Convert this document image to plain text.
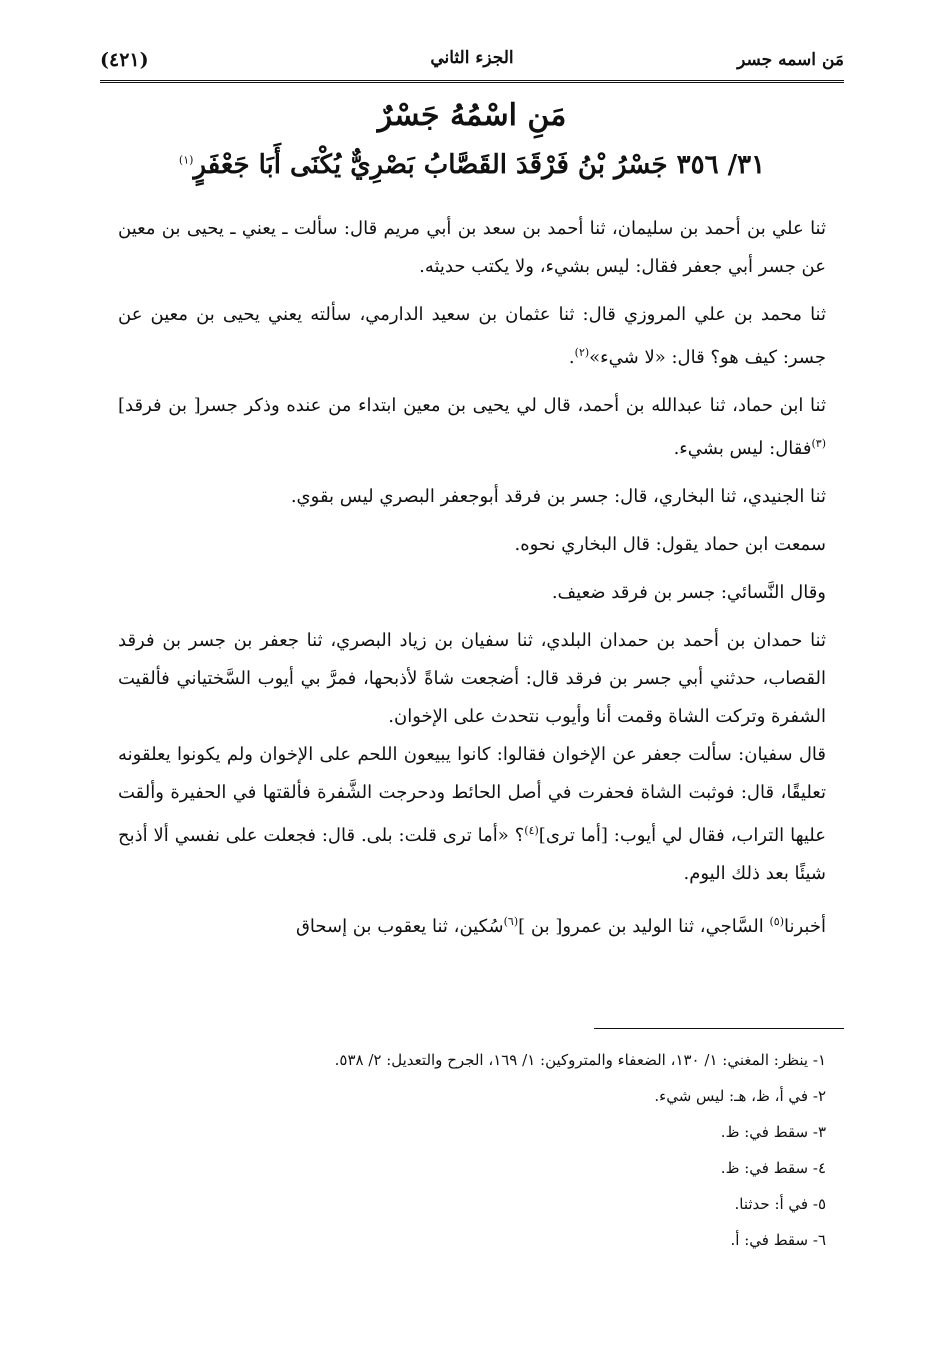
مَن اسمه جسر
الجزء الثاني
(٤٢١)
مَنِ اسْمُهُ جَسْرٌ
٣١/ ٣٥٦ جَسْرُ بْنُ فَرْقَدَ القَصَّابُ بَصْرِيٌّ يُكْنَى أَبَا جَعْفَرٍ$^{(١)}$

ثنا علي بن أحمد بن سليمان، ثنا أحمد بن سعد بن أبي مريم قال: سألت ـ يعني ـ يحيى بن معين عن جسر أبي جعفر فقال: ليس بشيء، ولا يكتب حديثه.

ثنا محمد بن علي المروزي قال: ثنا عثمان بن سعيد الدارمي، سألته يعني يحيى بن معين عن جسر: كيف هو؟ قال: «لا شيء»$^{(٢)}$.

ثنا ابن حماد، ثنا عبدالله بن أحمد، قال لي يحيى بن معين ابتداء من عنده وذكر جسر[ بن فرقد]$^{(٣)}$فقال: ليس بشيء.

ثنا الجنيدي، ثنا البخاري، قال: جسر بن فرقد أبوجعفر البصري ليس بقوي.

سمعت ابن حماد يقول: قال البخاري نحوه.

وقال النَّسائي: جسر بن فرقد ضعيف.

ثنا حمدان بن أحمد بن حمدان البلدي، ثنا سفيان بن زياد البصري، ثنا جعفر بن جسر بن فرقد القصاب، حدثني أبي جسر بن فرقد قال: أضجعت شاةً لأذبحها، فمرَّ بي أيوب السَّختياني فألقيت الشفرة وتركت الشاة وقمت أنا وأيوب نتحدث على الإخوان.

قال سفيان: سألت جعفر عن الإخوان فقالوا: كانوا يبيعون اللحم على الإخوان ولم يكونوا يعلقونه تعليقًا، قال: فوثبت الشاة فحفرت في أصل الحائط ودحرجت الشَّفرة فألقتها في الحفيرة وألقت عليها التراب، فقال لي أيوب: [أما ترى]$^{(٤)}$؟ «أما ترى قلت: بلى. قال: فجعلت على نفسي ألا أذبح شيئًا بعد ذلك اليوم.

أخبرنا$^{(٥)}$ السَّاجي، ثنا الوليد بن عمرو[ بن ]$^{(٦)}$سُكين، ثنا يعقوب بن إسحاق

١- ينظر: المغني: ١/ ١٣٠، الضعفاء والمتروكين: ١/ ١٦٩، الجرح والتعديل: ٢/ ٥٣٨.
٢- في أ، ظ، هـ: ليس شيء.
٣- سقط في: ظ.
٤- سقط في: ظ.
٥- في أ: حدثنا.
٦- سقط في: أ.
